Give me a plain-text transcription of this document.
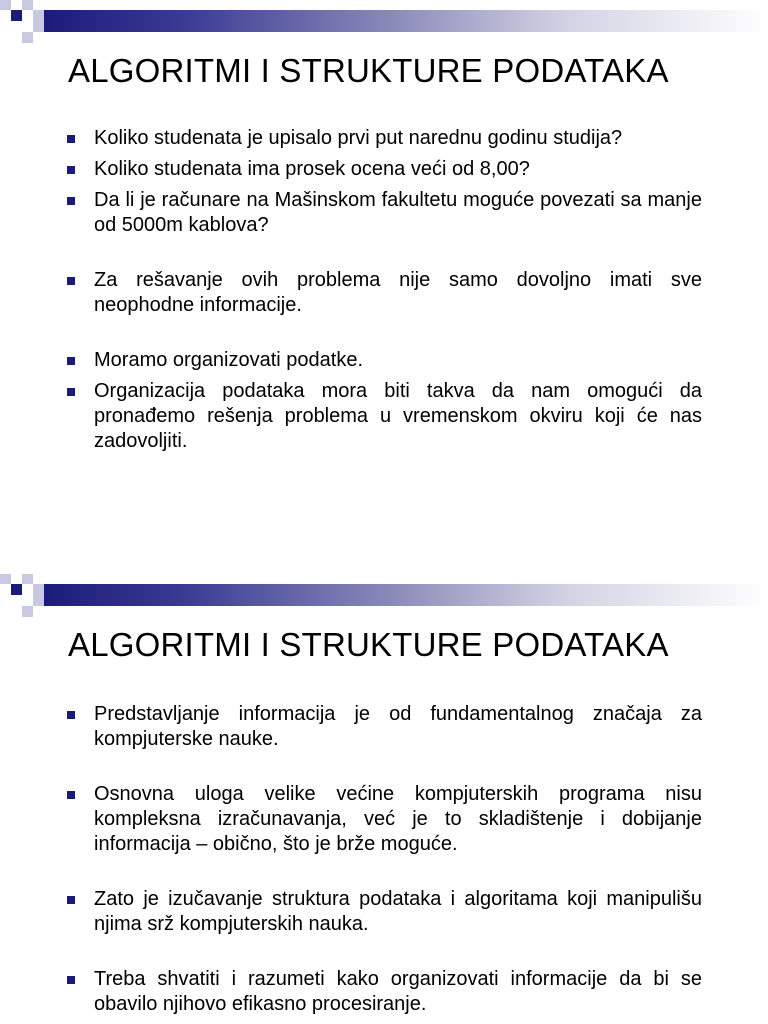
ALGORITMI I STRUKTURE PODATAKA
Koliko studenata je upisalo prvi put narednu godinu studija?
Koliko studenata ima prosek ocena veći od 8,00?
Da li je računare na Mašinskom fakultetu moguće povezati sa manje od 5000m kablova?
Za rešavanje ovih problema nije samo dovoljno imati sve neophodne informacije.
Moramo organizovati podatke.
Organizacija podataka mora biti takva da nam omogući da pronađemo rešenja problema u vremenskom okviru koji će nas zadovoljiti.
ALGORITMI I STRUKTURE PODATAKA
Predstavljanje informacija je od fundamentalnog značaja za kompjuterske nauke.
Osnovna uloga velike većine kompjuterskih programa nisu kompleksna izračunavanja, već je to skladištenje i dobijanje informacija – obično, što je brže moguće.
Zato je izučavanje struktura podataka i algoritama koji manipulišu njima srž kompjuterskih nauka.
Treba shvatiti i razumeti kako organizovati informacije da bi se obavilo njihovo efikasno procesiranje.
